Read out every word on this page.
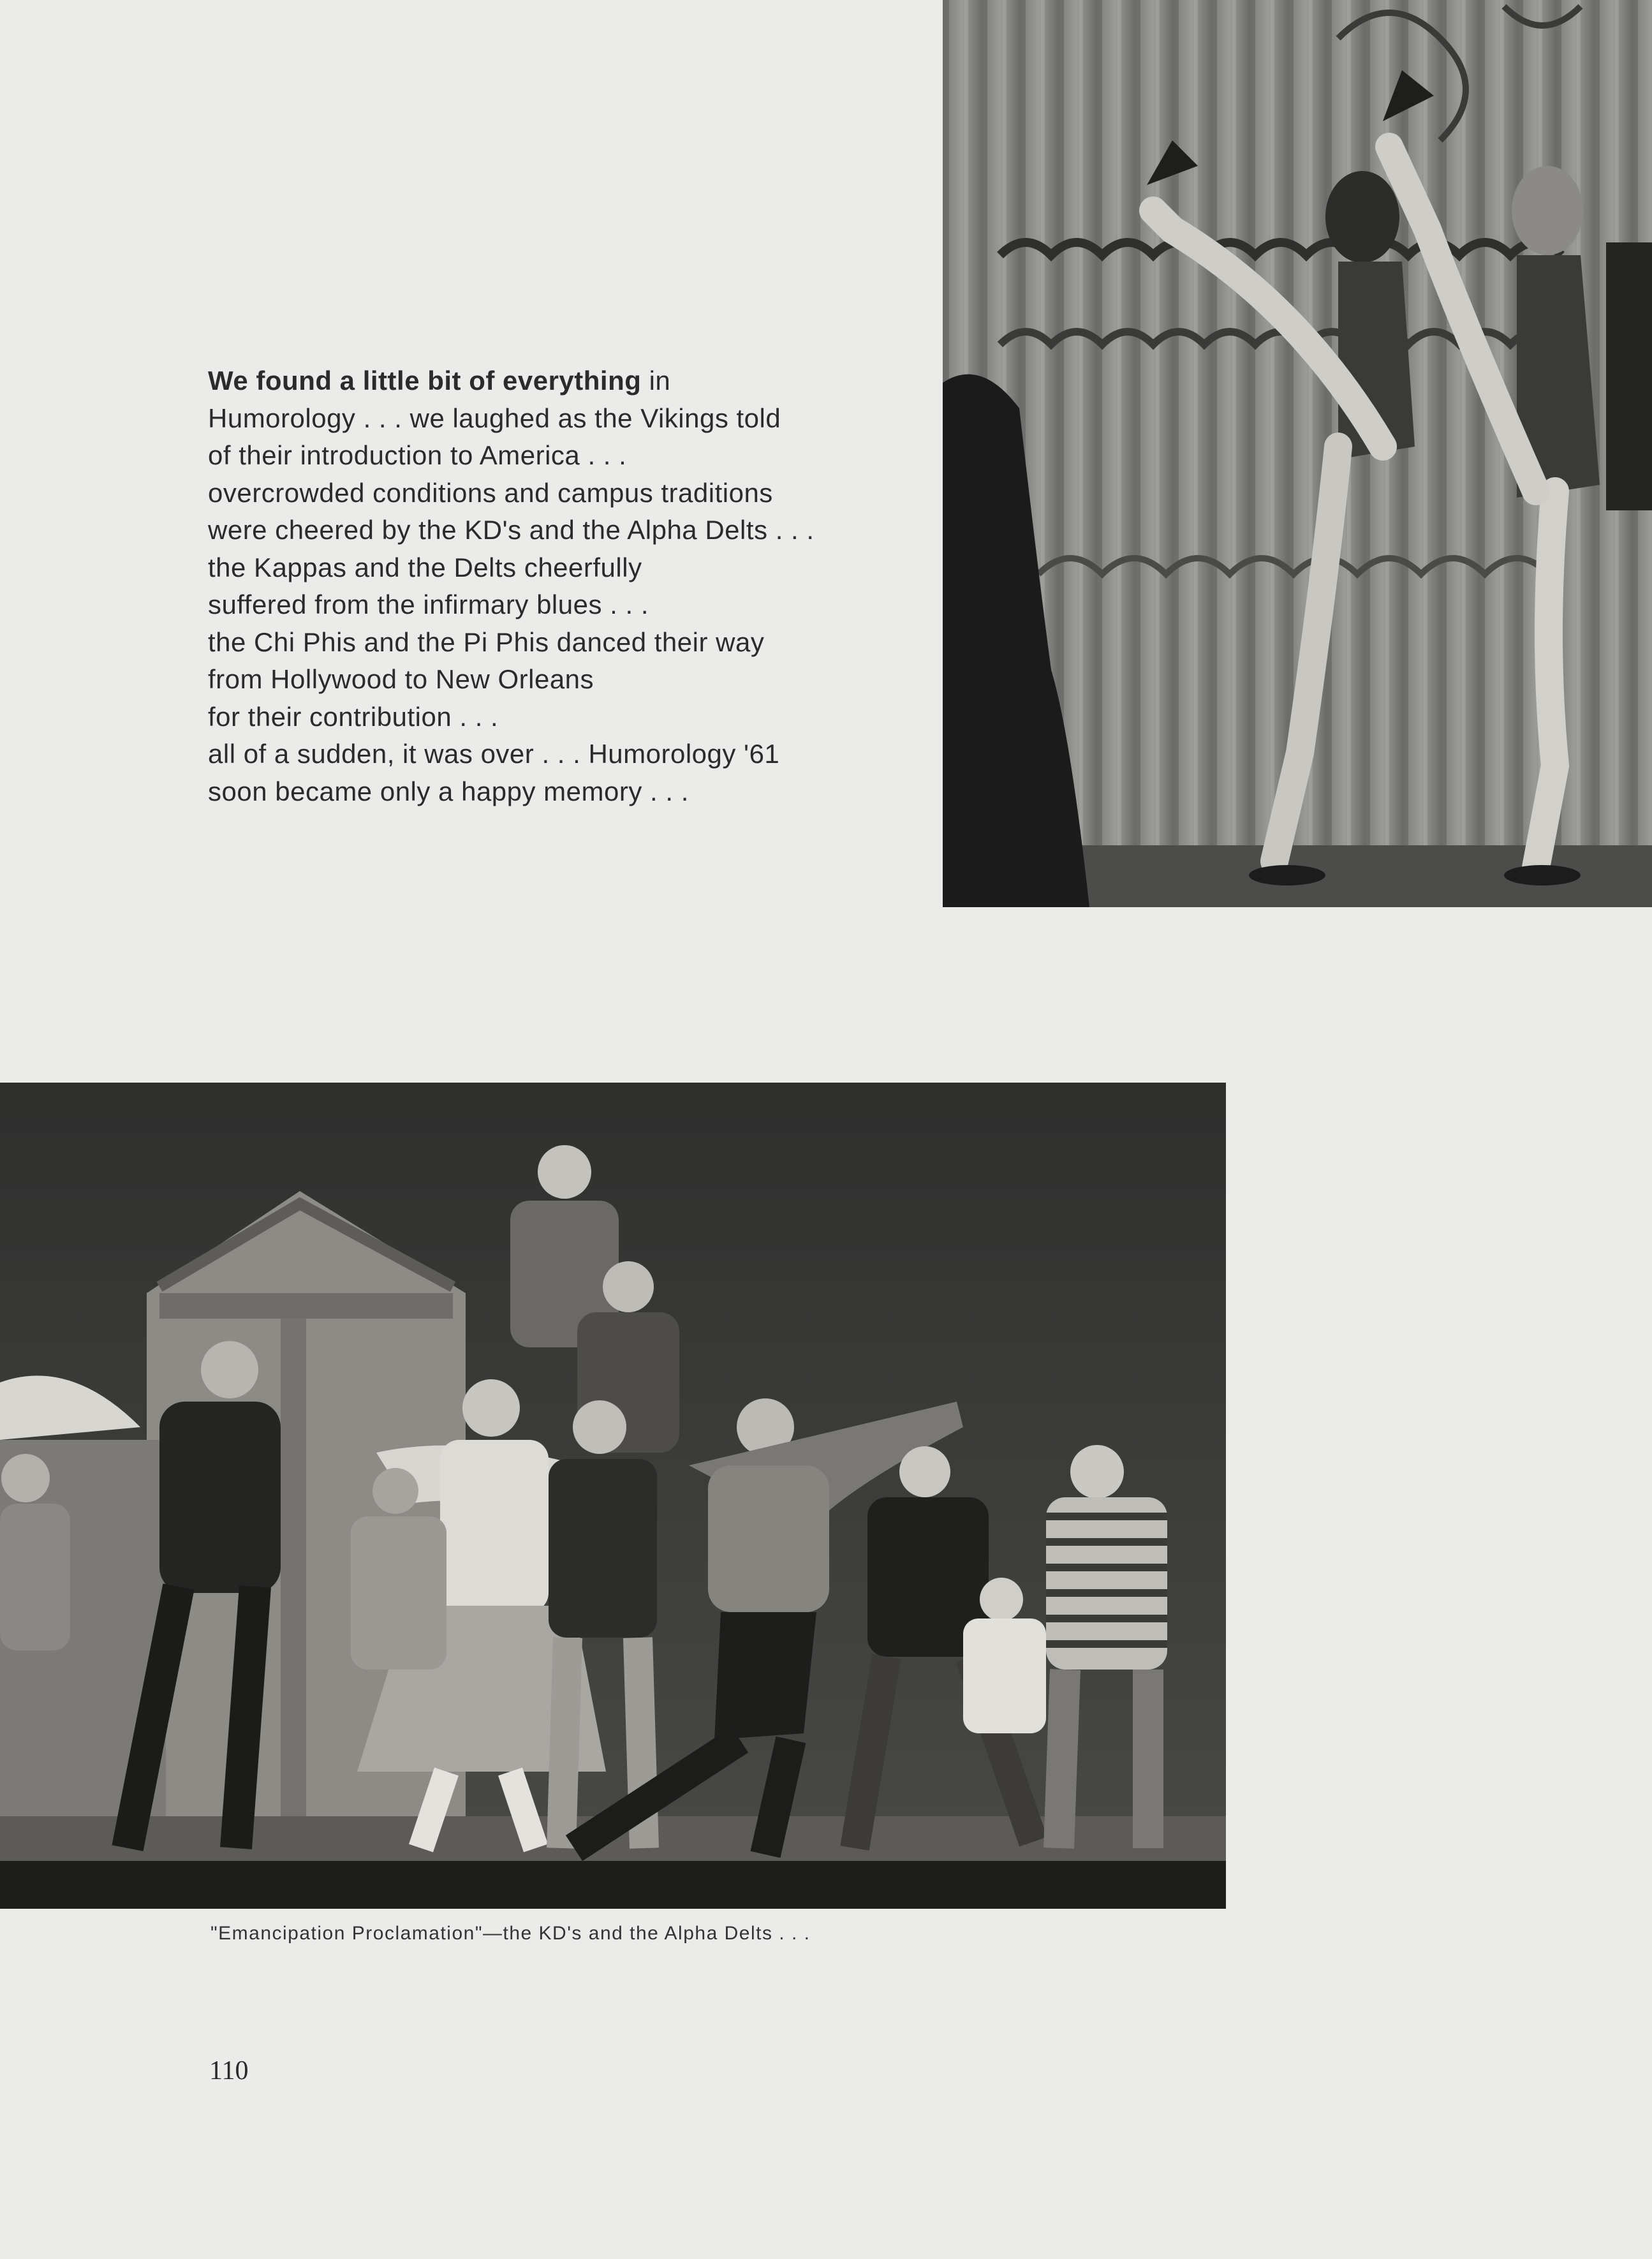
We found a little bit of everything in
Humorology . . . we laughed as the Vikings told
of their introduction to America . . .
overcrowded conditions and campus traditions
were cheered by the KD's and the Alpha Delts . . .
the Kappas and the Delts cheerfully
suffered from the infirmary blues . . .
the Chi Phis and the Pi Phis danced their way
from Hollywood to New Orleans
for their contribution . . .
all of a sudden, it was over . . . Humorology '61
soon became only a happy memory . . .
"Emancipation Proclamation"—the KD's and the Alpha Delts . . .
110
